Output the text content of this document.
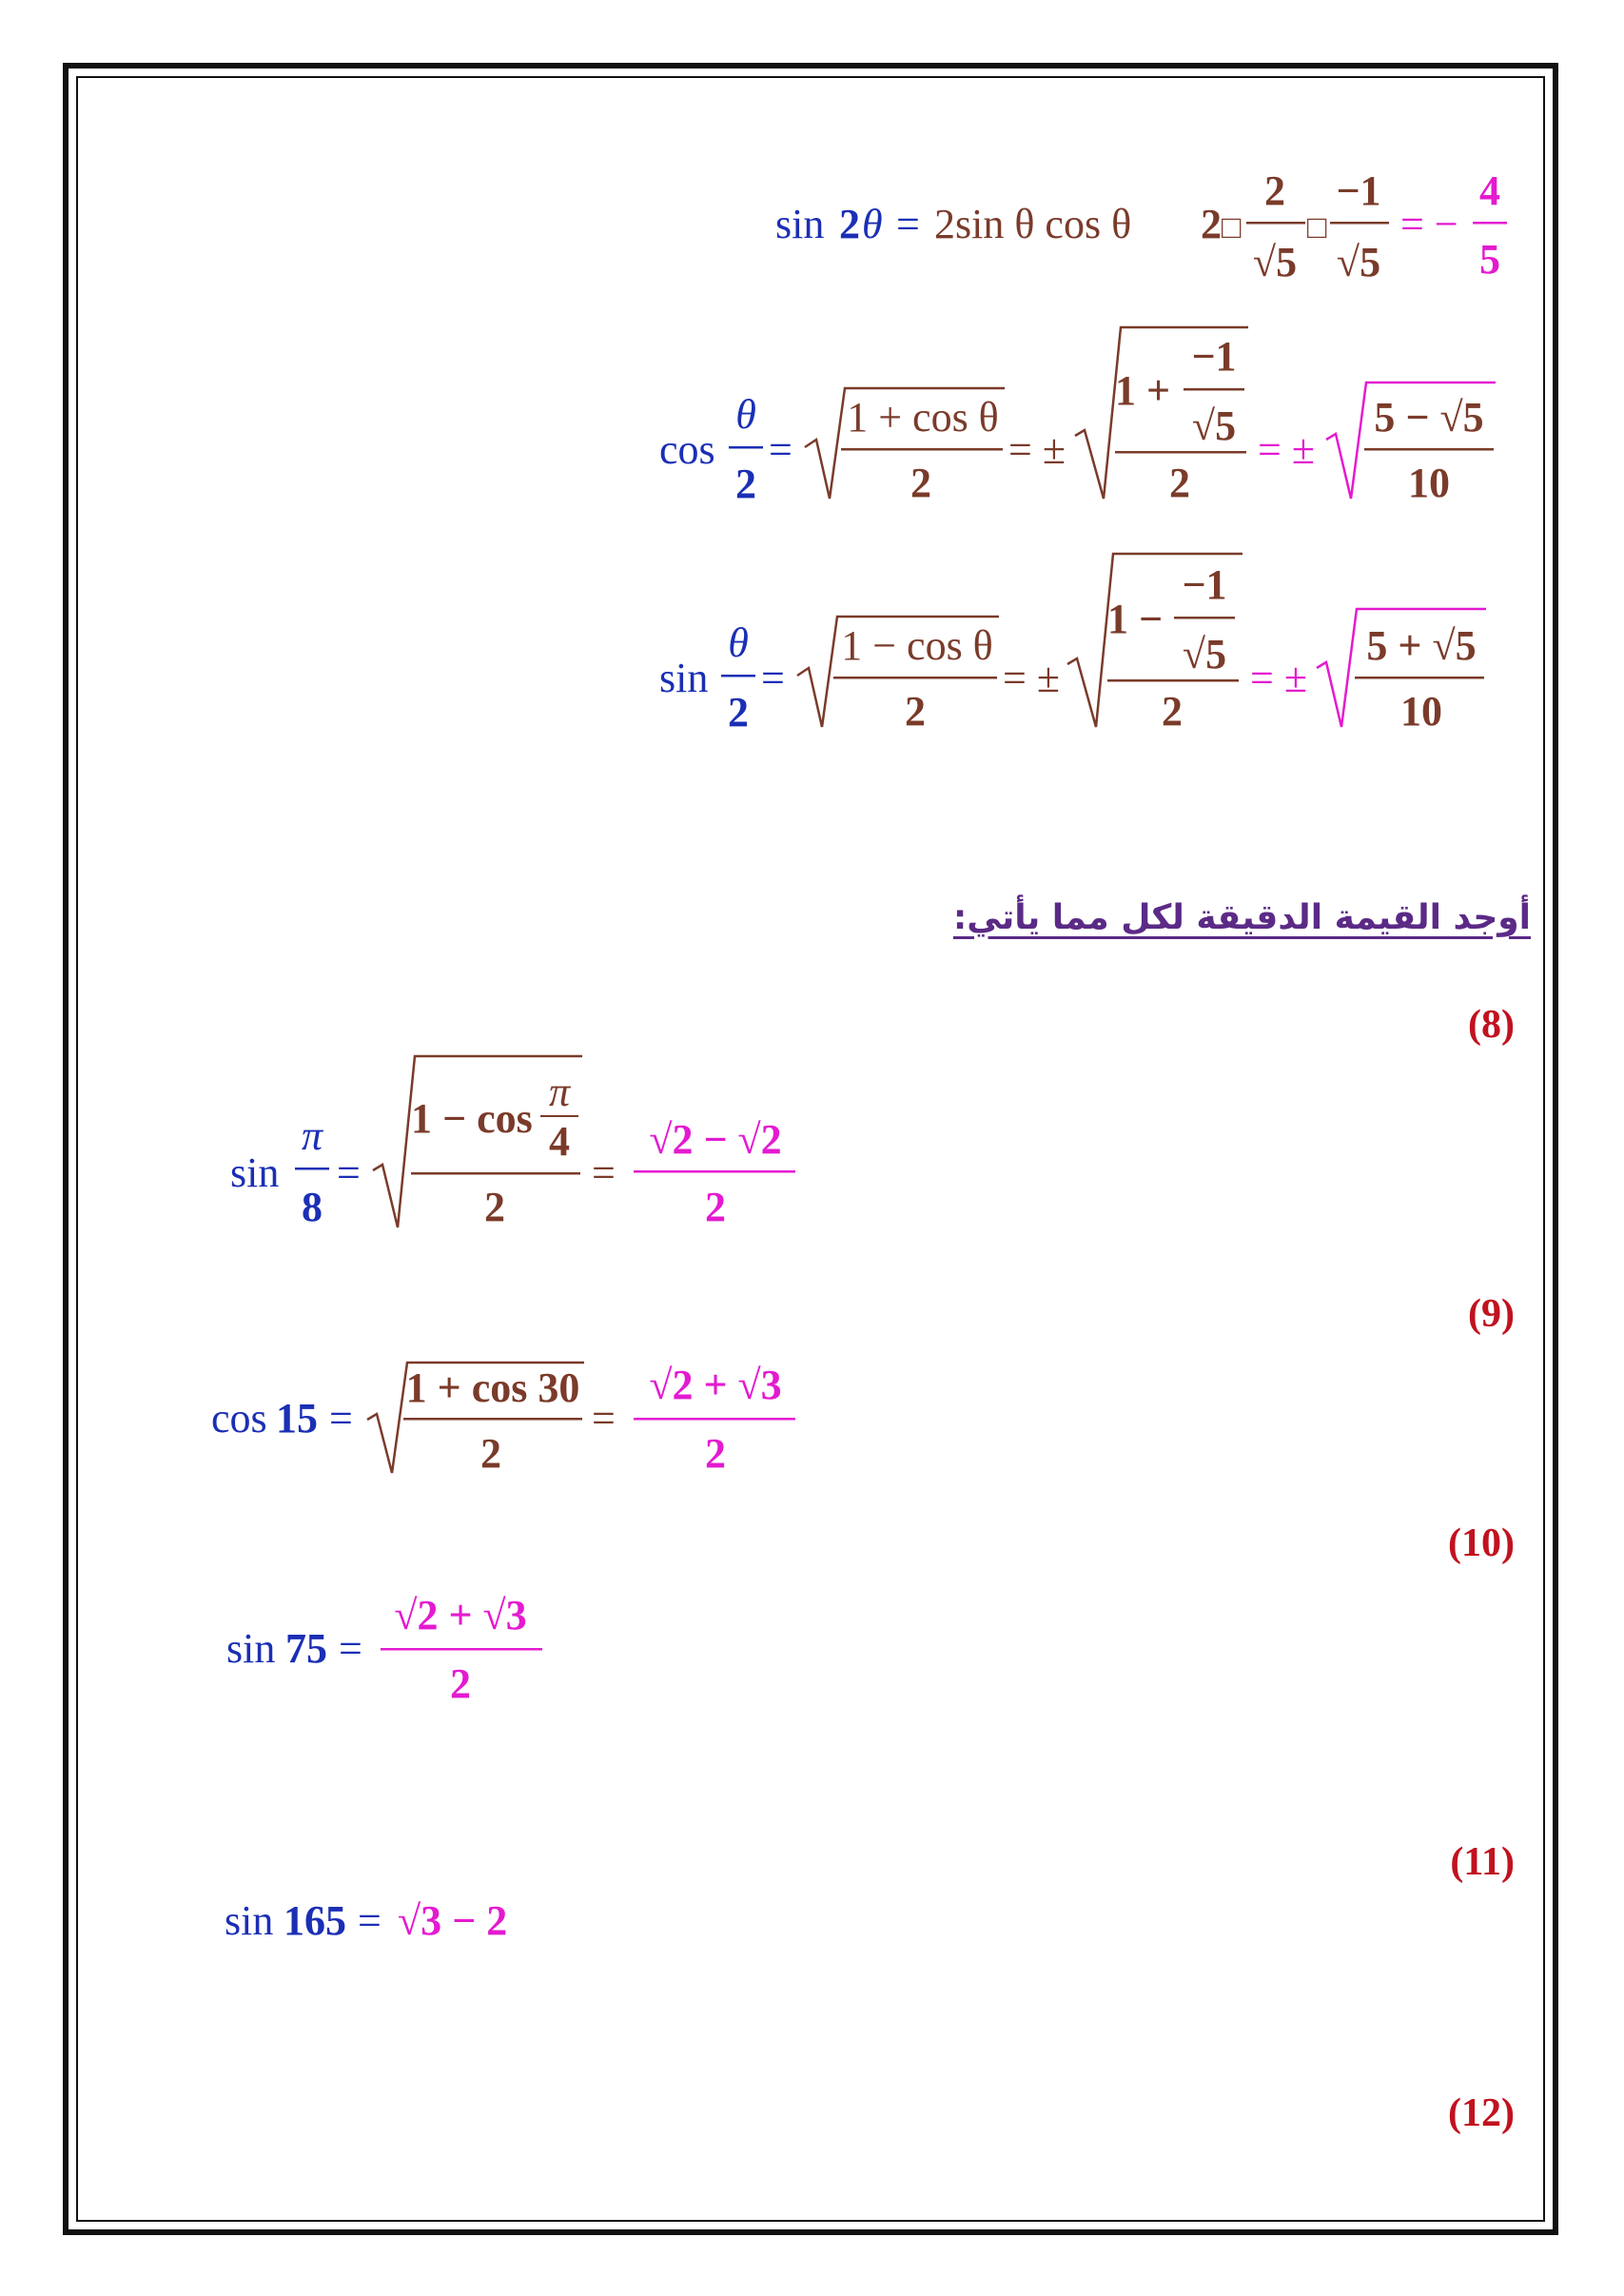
sin 2 θ = 2sin θ cos θ 2 □
2
√5
□
−1
√5
= −
4
5
cos
θ
2
=
1 + cos θ
2
= ±
1 +
−1
√5
2
= ±
5 − √5
10
sin
θ
2
=
1 − cos θ
2
= ±
1 −
−1
√5
2
= ±
5 + √5
10
(8)
(9)
(10)
(11)
(12)
sin
π
8
=
1 − cos
π
4
2
=
√2 − √2
2
cos 15 =
1 + cos 30
2
=
√2 + √3
2
sin 75 =
√2 + √3
2
sin 165 = √3 − 2
أوجد القيمة الدقيقة لكل مما يأتي:
